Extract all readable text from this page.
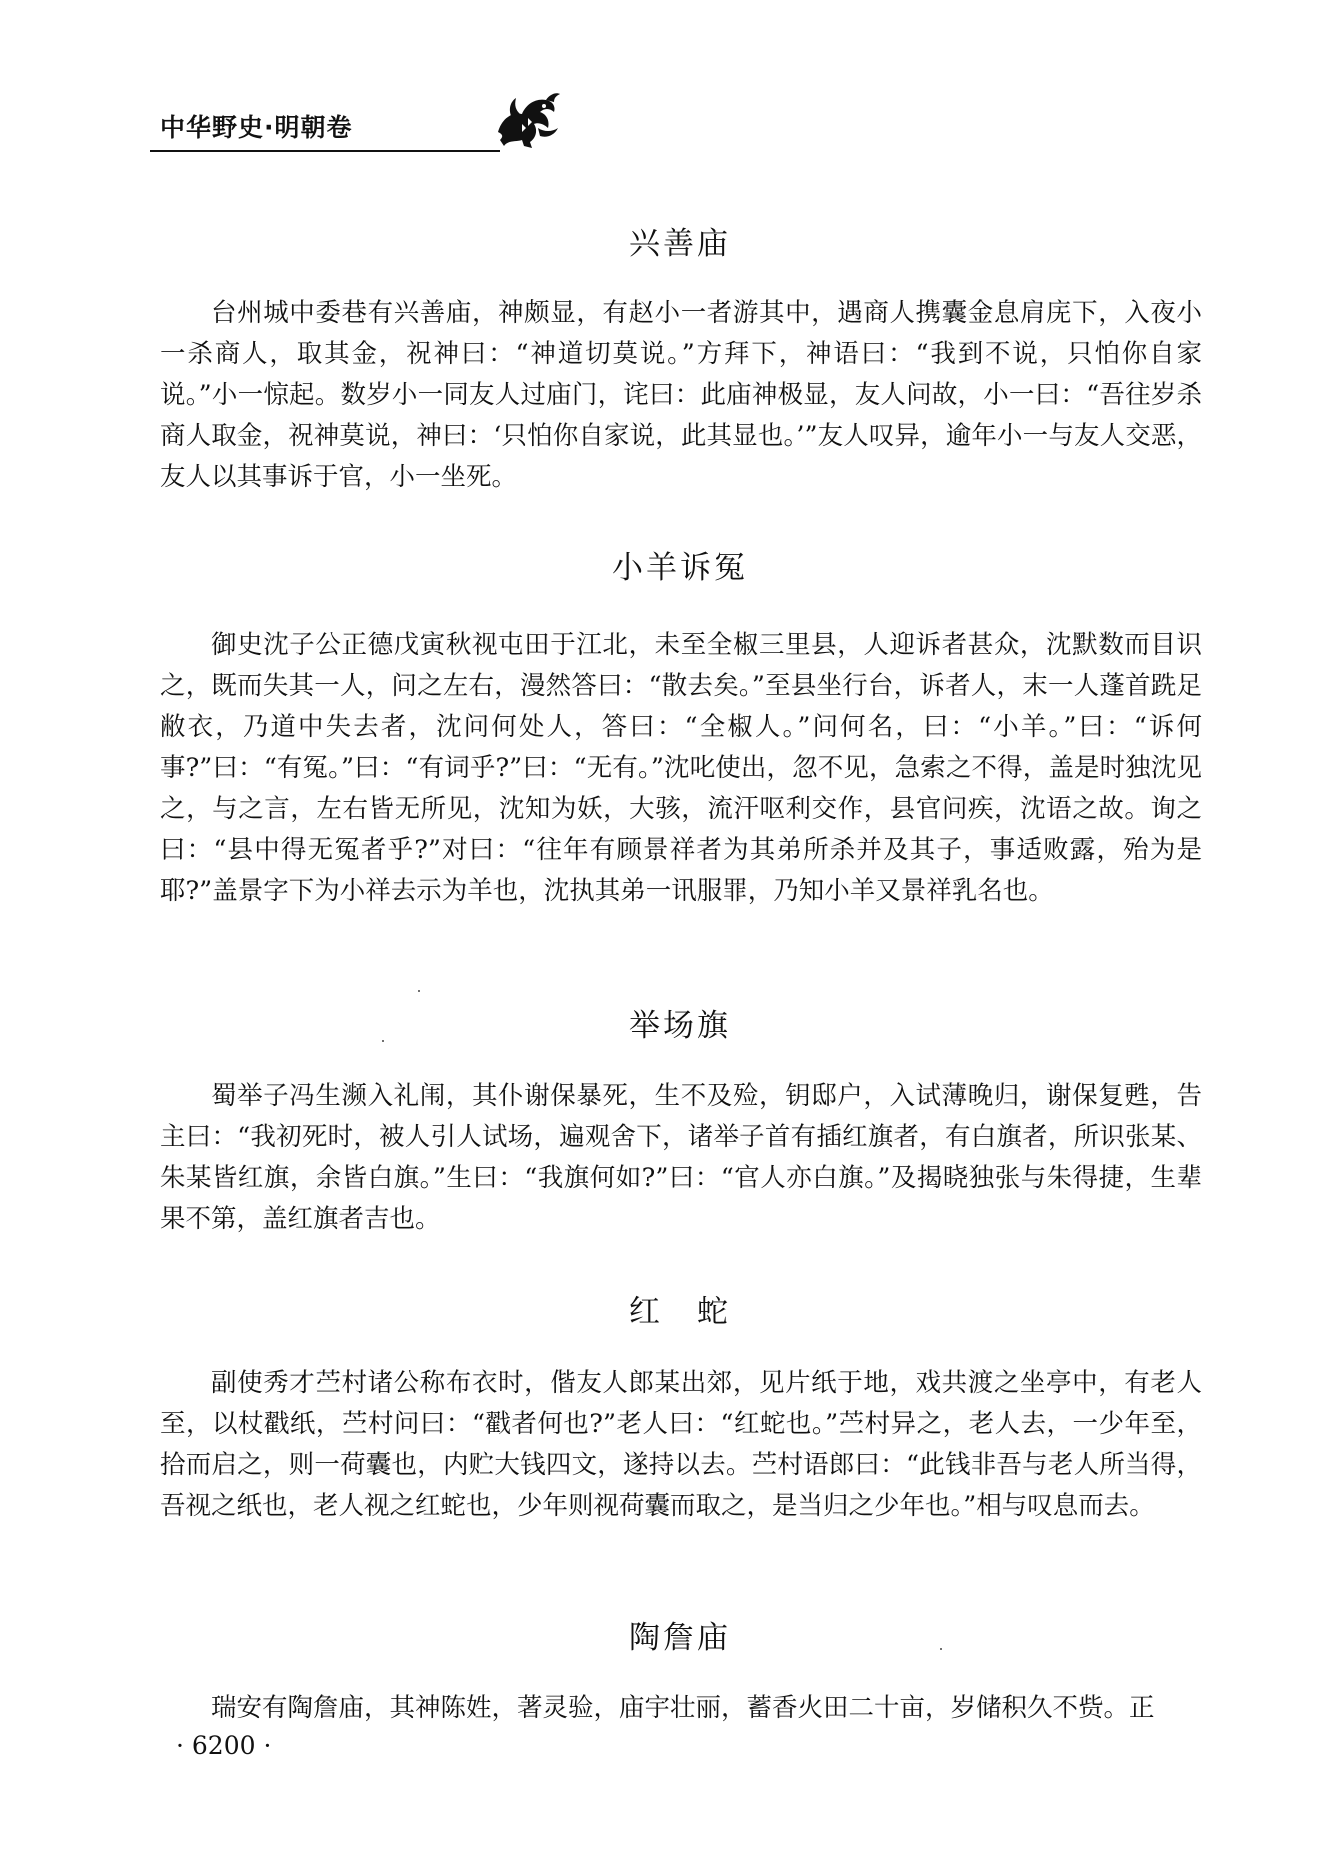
中华野史·明朝卷
兴善庙

台州城中委巷有兴善庙，神颇显，有赵小一者游其中，遇商人携囊金息肩庑下，入夜小一杀商人，取其金，祝神曰：“神道切莫说。”方拜下，神语曰：“我到不说，只怕你自家说。”小一惊起。数岁小一同友人过庙门，诧曰：此庙神极显，友人问故，小一曰：“吾往岁杀商人取金，祝神莫说，神曰：‘只怕你自家说，此其显也。’”友人叹异，逾年小一与友人交恶，友人以其事诉于官，小一坐死。

小羊诉冤

御史沈子公正德戊寅秋视屯田于江北，未至全椒三里县，人迎诉者甚众，沈默数而目识之，既而失其一人，问之左右，漫然答曰：“散去矣。”至县坐行台，诉者人，末一人蓬首跣足敝衣，乃道中失去者，沈问何处人，答曰：“全椒人。”问何名，曰：“小羊。”曰：“诉何事?”曰：“有冤。”曰：“有词乎?”曰：“无有。”沈叱使出，忽不见，急索之不得，盖是时独沈见之，与之言，左右皆无所见，沈知为妖，大骇，流汗呕利交作，县官问疾，沈语之故。询之曰：“县中得无冤者乎?”对曰：“往年有顾景祥者为其弟所杀并及其子，事适败露，殆为是耶?”盖景字下为小祥去示为羊也，沈执其弟一讯服罪，乃知小羊又景祥乳名也。

举场旗

蜀举子冯生濒入礼闱，其仆谢保暴死，生不及殓，钥邸户，入试薄晚归，谢保复甦，告主曰：“我初死时，被人引人试场，遍观舍下，诸举子首有插红旗者，有白旗者，所识张某、朱某皆红旗，余皆白旗。”生曰：“我旗何如?”曰：“官人亦白旗。”及揭晓独张与朱得捷，生辈果不第，盖红旗者吉也。

红　蛇

副使秀才苎村诸公称布衣时，偕友人郎某出郊，见片纸于地，戏共渡之坐亭中，有老人至，以杖戳纸，苎村问曰：“戳者何也?”老人曰：“红蛇也。”苎村异之，老人去，一少年至，拾而启之，则一荷囊也，内贮大钱四文，遂持以去。苎村语郎曰：“此钱非吾与老人所当得，吾视之纸也，老人视之红蛇也，少年则视荷囊而取之，是当归之少年也。”相与叹息而去。

陶詹庙

瑞安有陶詹庙，其神陈姓，著灵验，庙宇壮丽，蓄香火田二十亩，岁储积久不赀。正

· 6200 ·
